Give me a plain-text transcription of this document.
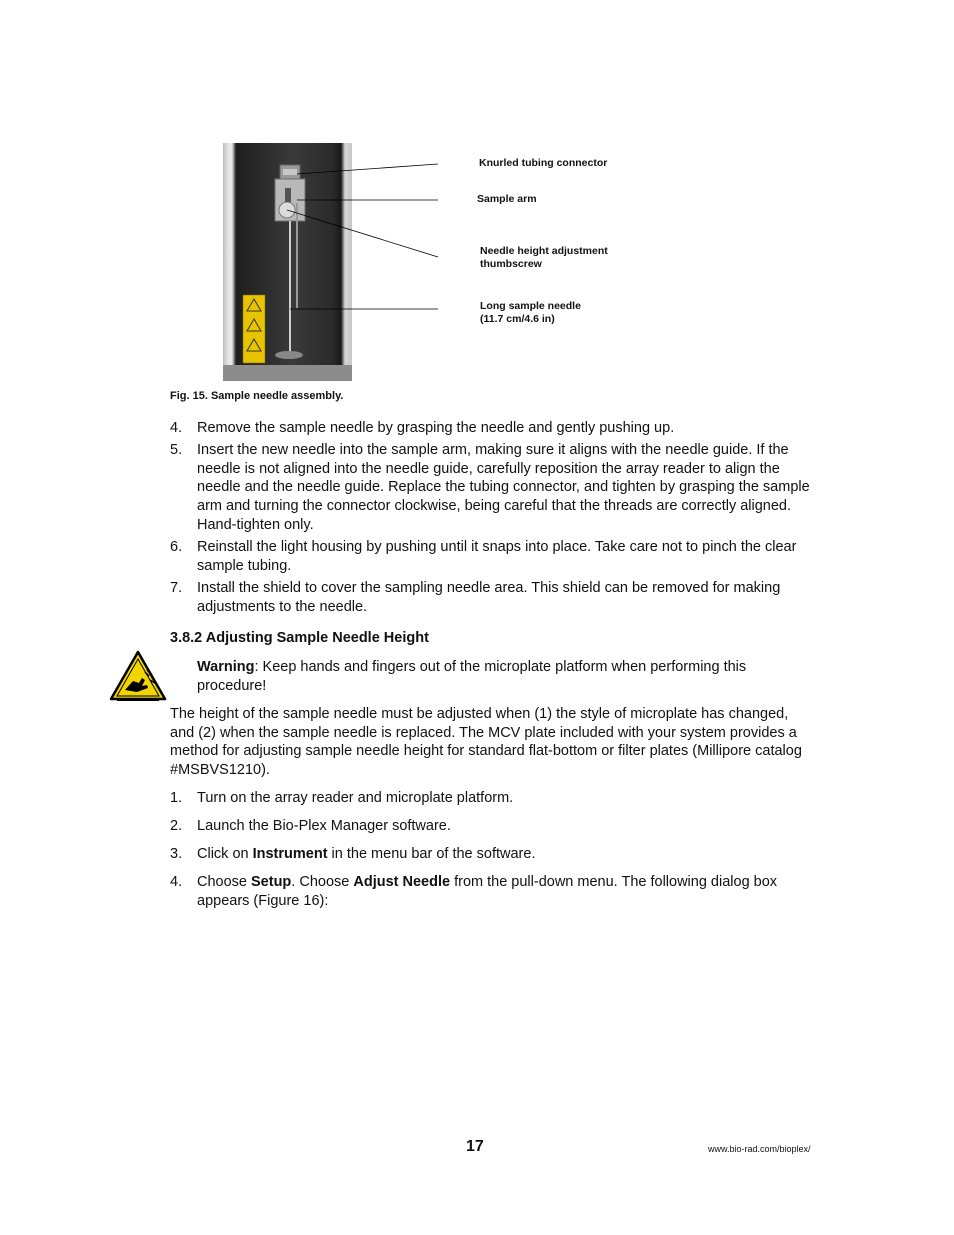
Knurled tubing connector
Sample arm
Needle height adjustment
thumbscrew
Long sample needle
(11.7 cm/4.6 in)
Fig. 15. Sample needle assembly.
4. Remove the sample needle by grasping the needle and gently pushing up.
5. Insert the new needle into the sample arm, making sure it aligns with the needle guide. If the needle is not aligned into the needle guide, carefully reposition the array reader to align the needle and the needle guide. Replace the tubing connector, and tighten by grasping the sample arm and turning the connector clockwise, being careful that the threads are correctly aligned. Hand-tighten only.
6. Reinstall the light housing by pushing until it snaps into place. Take care not to pinch the clear sample tubing.
7. Install the shield to cover the sampling needle area. This shield can be removed for making adjustments to the needle.
3.8.2 Adjusting Sample Needle Height
Warning: Keep hands and fingers out of the microplate platform when performing this procedure!
The height of the sample needle must be adjusted when (1) the style of microplate has changed, and (2) when the sample needle is replaced. The MCV plate included with your system provides a method for adjusting sample needle height for standard flat-bottom or filter plates (Millipore catalog #MSBVS1210).
1. Turn on the array reader and microplate platform.
2. Launch the Bio-Plex Manager software.
3. Click on Instrument in the menu bar of the software.
4. Choose Setup. Choose Adjust Needle from the pull-down menu. The following dialog box appears (Figure 16):
17	www.bio-rad.com/bioplex/
